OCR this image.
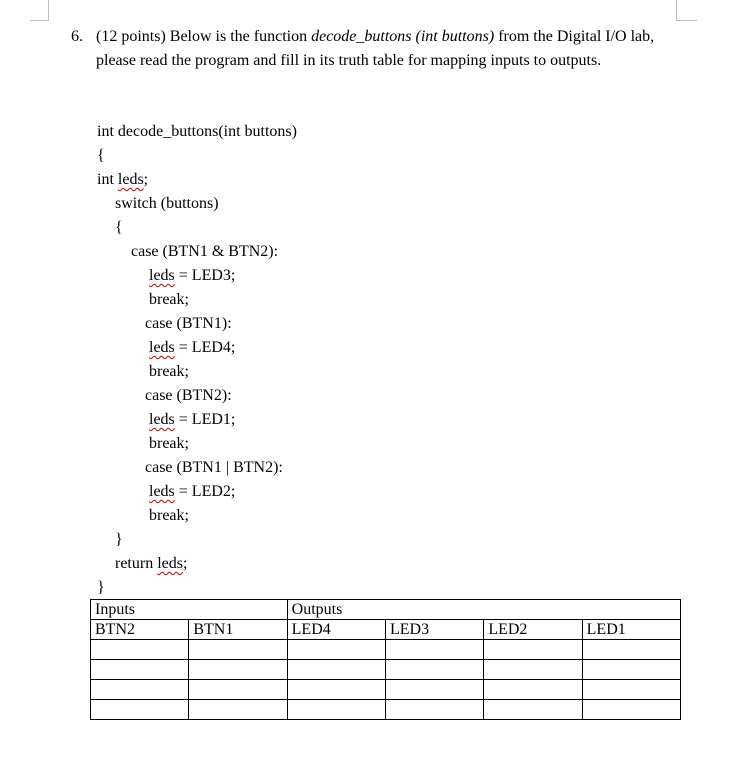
6. (12 points) Below is the function decode_buttons (int buttons) from the Digital I/O lab, please read the program and fill in its truth table for mapping inputs to outputs.
int decode_buttons(int buttons)
{
int leds;
switch (buttons)
{
case (BTN1 & BTN2):
leds = LED3;
break;
case (BTN1):
leds = LED4;
break;
case (BTN2):
leds = LED1;
break;
case (BTN1 | BTN2):
leds = LED2;
break;
}
return leds;
}
Inputs		Outputs			
BTN2	BTN1	LED4	LED3	LED2	LED1
